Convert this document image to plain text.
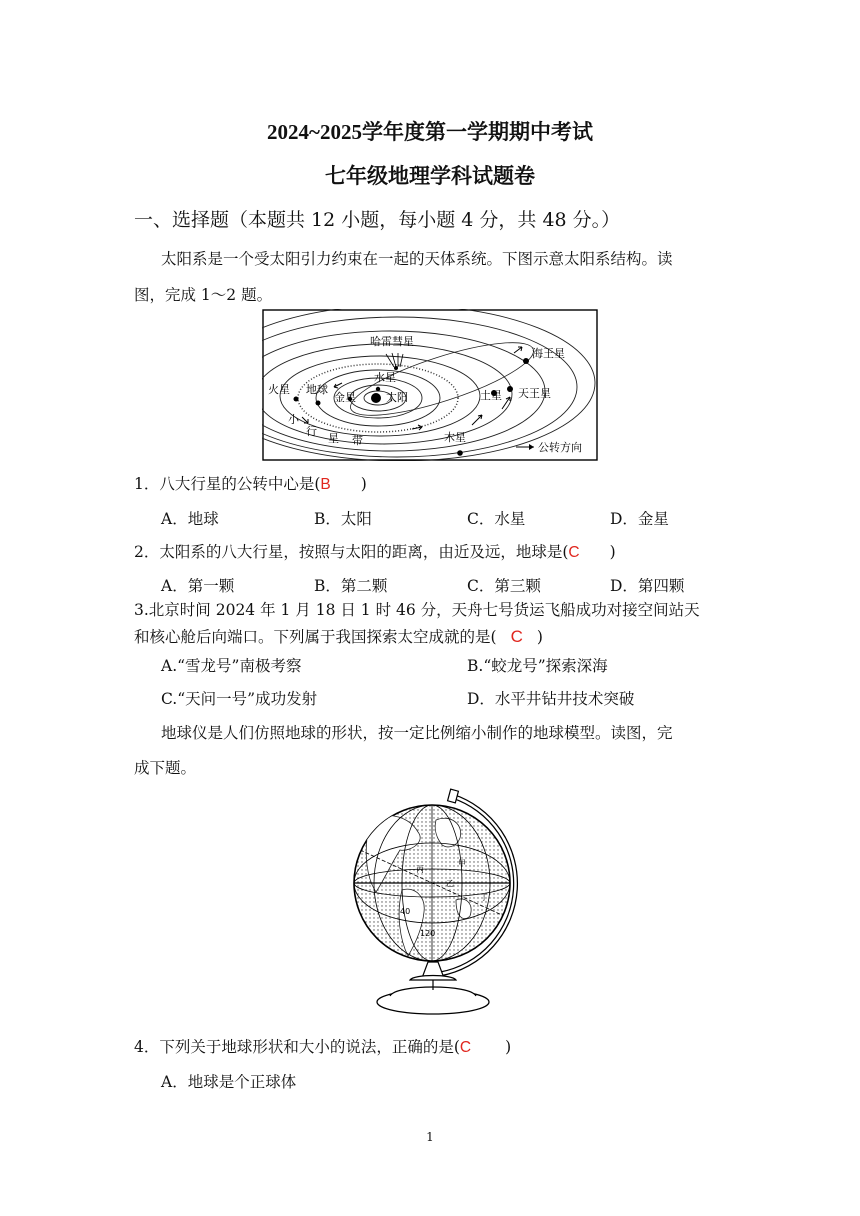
2024~2025学年度第一学期期中考试
七年级地理学科试题卷
一、选择题（本题共 12 小题，每小题 4 分，共 48 分。）
太阳系是一个受太阳引力约束在一起的天体系统。下图示意太阳系结构。读
图，完成 1～2 题。
哈雷彗星
海王星
水星
火星 地球
金星	太阳	土星 天王星
小
行
星 带	木星
公转方向
1．八大行星的公转中心是(B )
A．地球	B．太阳	C．水星	D．金星
2．太阳系的八大行星，按照与太阳的距离，由近及远，地球是(C )
A．第一颗	B．第二颗	C．第三颗	D．第四颗
3.北京时间 2024 年 1 月 18 日 1 时 46 分，天舟七号货运飞船成功对接空间站天
和核心舱后向端口。下列属于我国探索太空成就的是( C )
A.“雪龙号”南极考察	B.“蛟龙号”探索深海
C.“天问一号”成功发射	D．水平井钻井技术突破
地球仪是人们仿照地球的形状，按一定比例缩小制作的地球模型。读图，完
成下题。
40
120
甲
乙
丙
丁
4．下列关于地球形状和大小的说法，正确的是(C )
A．地球是个正球体
1
